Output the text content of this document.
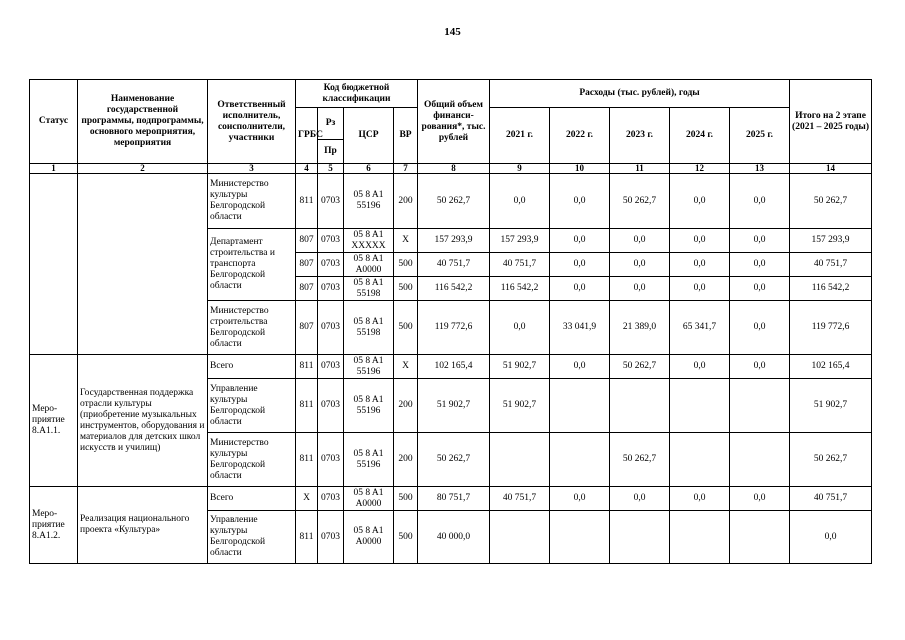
145
Статус	Наименование государственной программы, подпрограммы, основного мероприятия, мероприятия	Ответственный исполнитель, соисполнители, участники	Код бюджетной классификации				Общий объем финанси-рования*, тыс. рублей	Расходы (тыс. рублей), годы					Итого на 2 этапе (2021 – 2025 годы)
			ГРБС	Рз	ЦСР	ВР		2021 г.	2022 г.	2023 г.	2024 г.	2025 г.	
				Пр									
1	2	3	4	5	6	7	8	9	10	11	12	13	14
		Министерство культуры Белгородской области	811	0703	05 8 A1 55196	200	50 262,7	0,0	0,0	50 262,7	0,0	0,0	50 262,7
		Департамент строительства и транспорта Белгородской области	807	0703	05 8 A1 XXXXX	X	157 293,9	157 293,9	0,0	0,0	0,0	0,0	157 293,9
			807	0703	05 8 A1 A0000	500	40 751,7	40 751,7	0,0	0,0	0,0	0,0	40 751,7
			807	0703	05 8 A1 55198	500	116 542,2	116 542,2	0,0	0,0	0,0	0,0	116 542,2
		Министерство строительства Белгородской области	807	0703	05 8 A1 55198	500	119 772,6	0,0	33 041,9	21 389,0	65 341,7	0,0	119 772,6
Меро-приятие 8.A1.1.	Государственная поддержка отрасли культуры (приобретение музыкальных инструментов, оборудования и материалов для детских школ искусств и училищ)	Всего	811	0703	05 8 A1 55196	X	102 165,4	51 902,7	0,0	50 262,7	0,0	0,0	102 165,4
		Управление культуры Белгородской области	811	0703	05 8 A1 55196	200	51 902,7	51 902,7					51 902,7
		Министерство культуры Белгородской области	811	0703	05 8 A1 55196	200	50 262,7			50 262,7			50 262,7
Меро-приятие 8.A1.2.	Реализация национального проекта «Культура»	Всего	X	0703	05 8 A1 A0000	500	80 751,7	40 751,7	0,0	0,0	0,0	0,0	40 751,7
		Управление культуры Белгородской области	811	0703	05 8 A1 A0000	500	40 000,0						0,0
